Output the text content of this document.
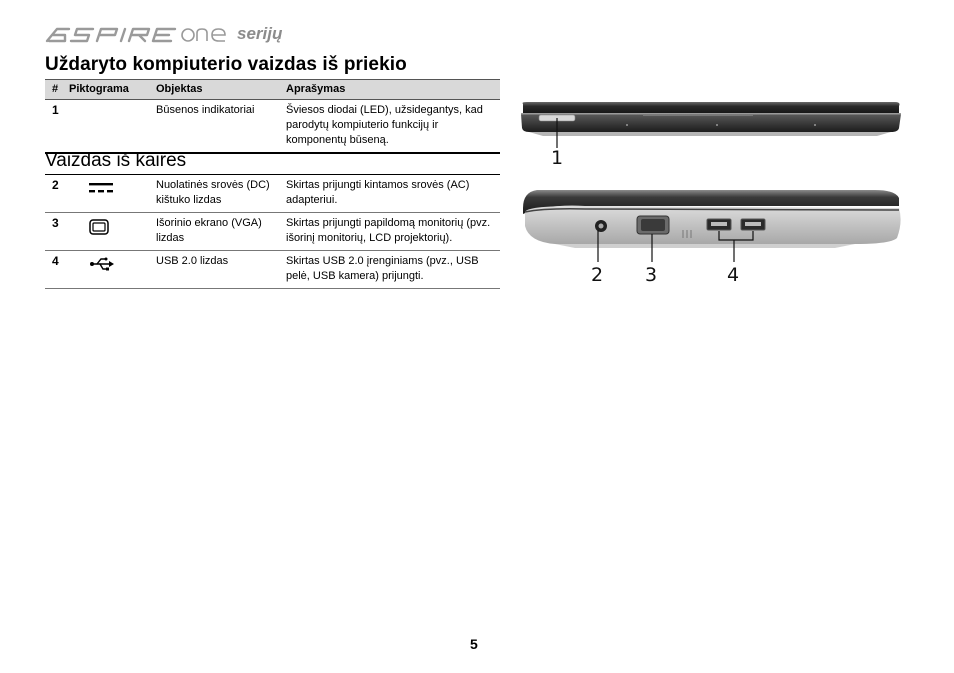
serijų
Uždaryto kompiuterio vaizdas iš priekio
#	Piktograma	Objektas	Aprašymas
1		Būsenos indikatoriai	Šviesos diodai (LED), užsidegantys, kad parodytų kompiuterio funkcijų ir komponentų būseną.
Vaizdas iš kairės
2		Nuolatinės srovės (DC) kištuko lizdas	Skirtas prijungti kintamos srovės (AC) adapteriui.
3		Išorinio ekrano (VGA) lizdas	Skirtas prijungti papildomą monitorių (pvz. išorinį monitorių, LCD projektorių).
4		USB 2.0 lizdas	Skirtas USB 2.0 įrenginiams (pvz., USB pelė, USB kamera) prijungti.
1
2 3	4
5
